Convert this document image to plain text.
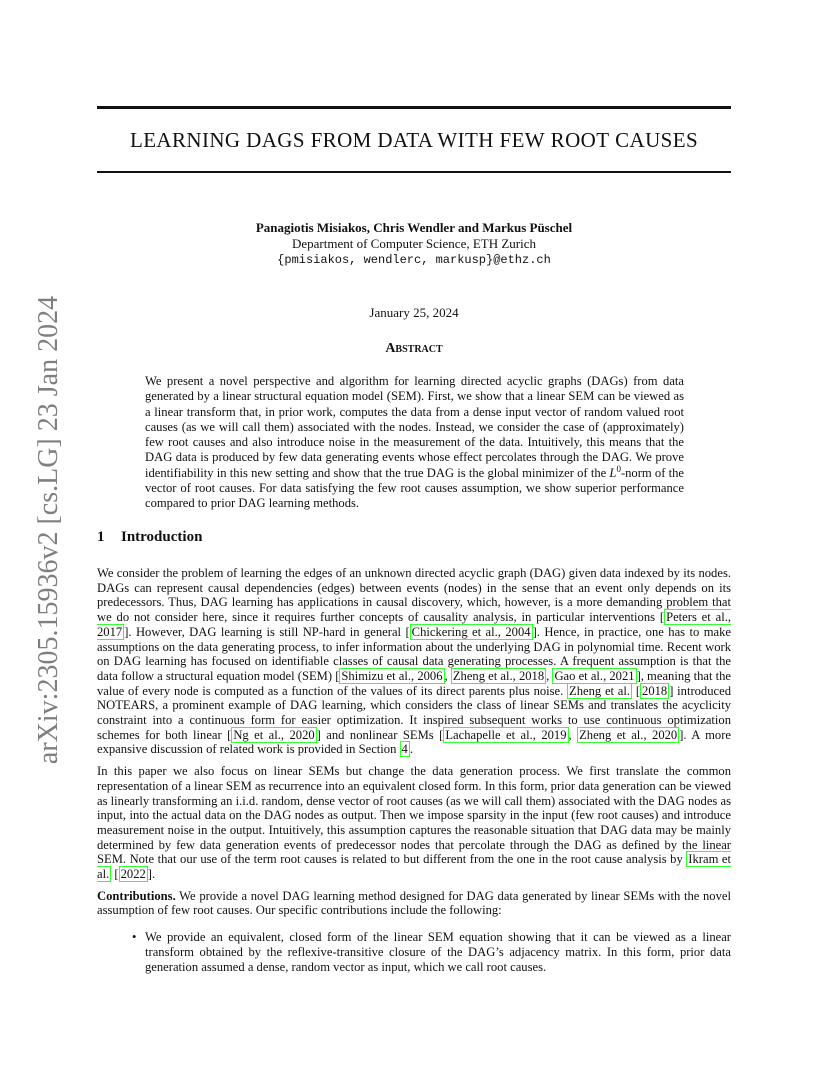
LEARNING DAGS FROM DATA WITH FEW ROOT CAUSES
arXiv:2305.15936v2 [cs.LG] 23 Jan 2024
Panagiotis Misiakos, Chris Wendler and Markus Püschel
Department of Computer Science, ETH Zurich
{pmisiakos, wendlerc, markusp}@ethz.ch
January 25, 2024
Abstract

We present a novel perspective and algorithm for learning directed acyclic graphs (DAGs) from data generated by a linear structural equation model (SEM). First, we show that a linear SEM can be viewed as a linear transform that, in prior work, computes the data from a dense input vector of random valued root causes (as we will call them) associated with the nodes. Instead, we consider the case of (approximately) few root causes and also introduce noise in the measurement of the data. Intuitively, this means that the DAG data is produced by few data generating events whose effect percolates through the DAG. We prove identifiability in this new setting and show that the true DAG is the global minimizer of the $L^0$-norm of the vector of root causes. For data satisfying the few root causes assumption, we show superior performance compared to prior DAG learning methods.

1 Introduction

We consider the problem of learning the edges of an unknown directed acyclic graph (DAG) given data indexed by its nodes. DAGs can represent causal dependencies (edges) between events (nodes) in the sense that an event only depends on its predecessors. Thus, DAG learning has applications in causal discovery, which, however, is a more demanding problem that we do not consider here, since it requires further concepts of causality analysis, in particular interventions [ Peters et al., 2017 ]. However, DAG learning is still NP-hard in general [ Chickering et al., 2004 ]. Hence, in practice, one has to make assumptions on the data generating process, to infer information about the underlying DAG in polynomial time. Recent work on DAG learning has focused on identifiable classes of causal data generating processes. A frequent assumption is that the data follow a structural equation model (SEM) [ Shimizu et al., 2006 , Zheng et al., 2018 , Gao et al., 2021 ], meaning that the value of every node is computed as a function of the values of its direct parents plus noise. Zheng et al. [ 2018 ] introduced NOTEARS, a prominent example of DAG learning, which considers the class of linear SEMs and translates the acyclicity constraint into a continuous form for easier optimization. It inspired subsequent works to use continuous optimization schemes for both linear [ Ng et al., 2020 ] and nonlinear SEMs [ Lachapelle et al., 2019 , Zheng et al., 2020 ]. A more expansive discussion of related work is provided in Section 4 .

In this paper we also focus on linear SEMs but change the data generation process. We first translate the common representation of a linear SEM as recurrence into an equivalent closed form. In this form, prior data generation can be viewed as linearly transforming an i.i.d. random, dense vector of root causes (as we will call them) associated with the DAG nodes as input, into the actual data on the DAG nodes as output. Then we impose sparsity in the input (few root causes) and introduce measurement noise in the output. Intuitively, this assumption captures the reasonable situation that DAG data may be mainly determined by few data generation events of predecessor nodes that percolate through the DAG as defined by the linear SEM. Note that our use of the term root causes is related to but different from the one in the root cause analysis by Ikram et al. [ 2022 ].

Contributions. We provide a novel DAG learning method designed for DAG data generated by linear SEMs with the novel assumption of few root causes. Our specific contributions include the following:

• We provide an equivalent, closed form of the linear SEM equation showing that it can be viewed as a linear transform obtained by the reflexive-transitive closure of the DAG’s adjacency matrix. In this form, prior data generation assumed a dense, random vector as input, which we call root causes.
